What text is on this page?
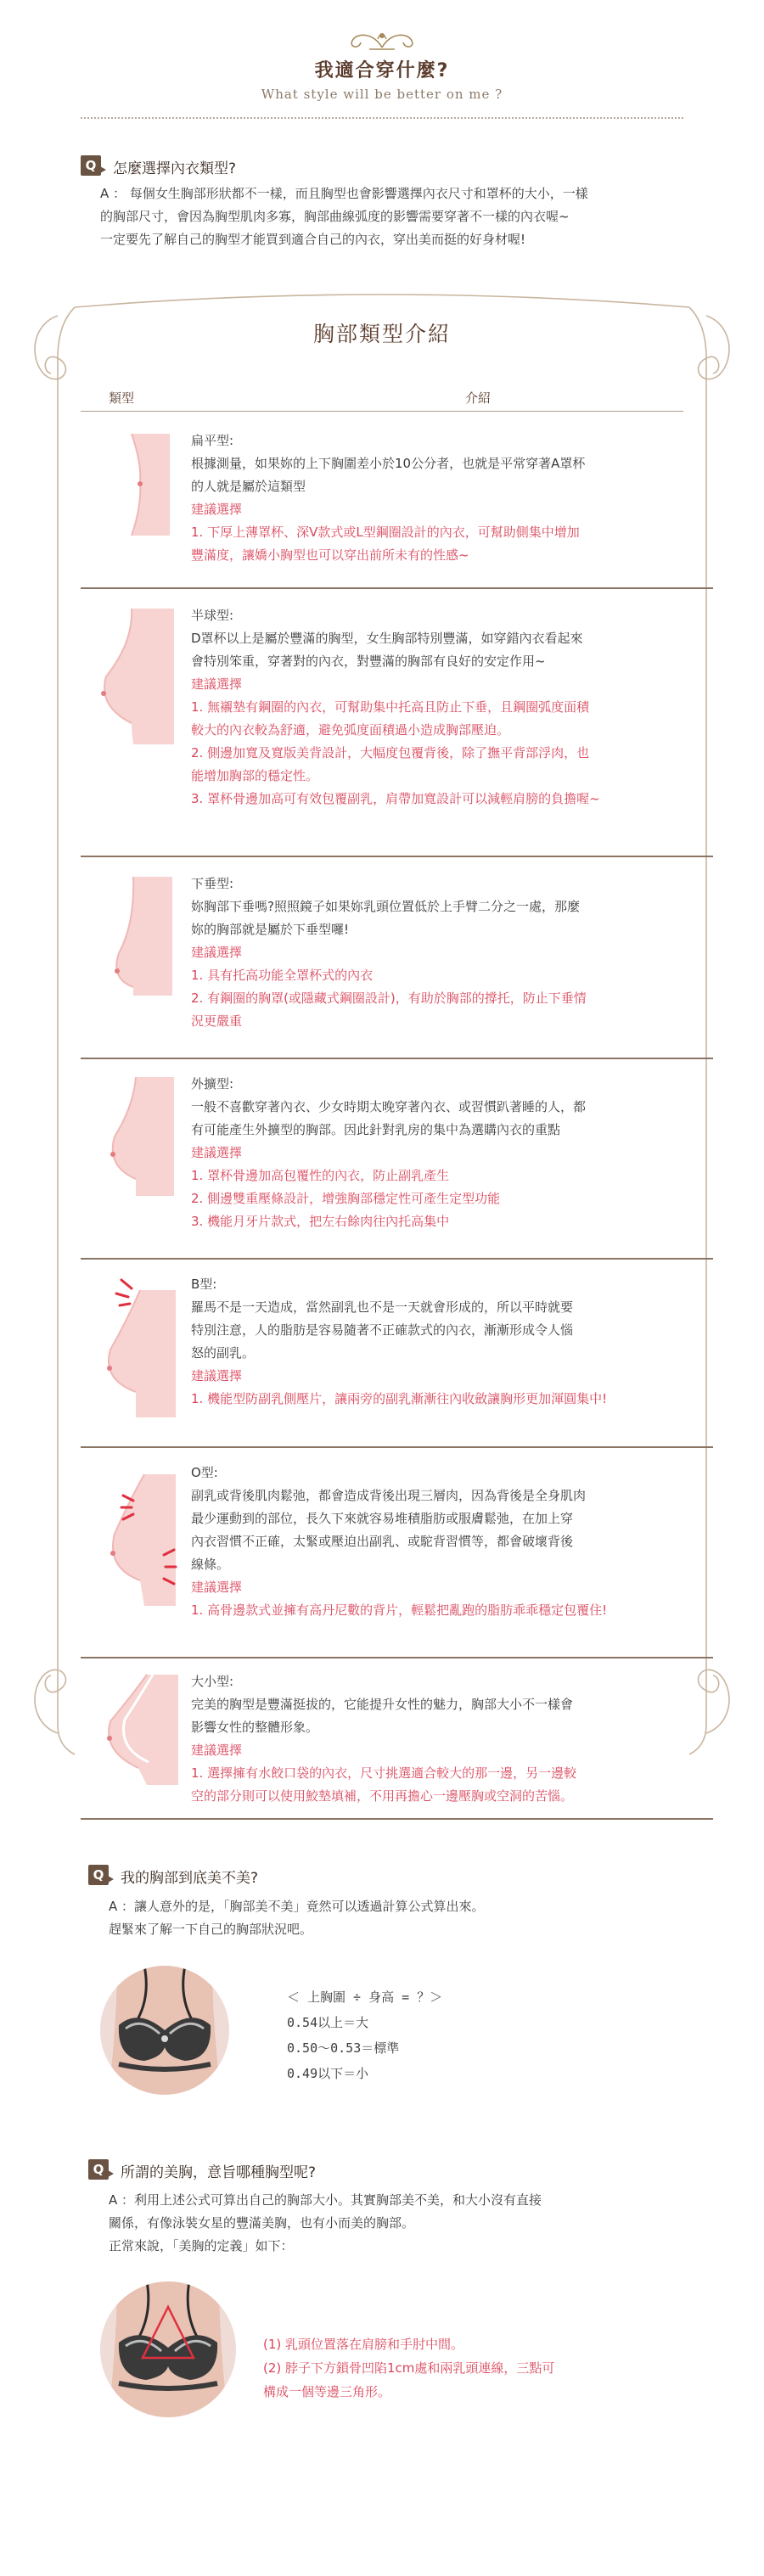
我適合穿什麼?
What style will be better on me ?
Q	怎麼選擇內衣類型?
A ： 每個女生胸部形狀都不一樣，而且胸型也會影響選擇內衣尺寸和罩杯的大小，一樣
的胸部尺寸，會因為胸型肌肉多寡，胸部曲線弧度的影響需要穿著不一樣的內衣喔~
一定要先了解自己的胸型才能買到適合自己的內衣，穿出美而挺的好身材喔!
胸部類型介紹
類型	介紹
扁平型:
根據測量，如果妳的上下胸圍差小於10公分者，也就是平常穿著A罩杯
的人就是屬於這類型
建議選擇
1. 下厚上薄罩杯、深V款式或L型鋼圈設計的內衣，可幫助側集中增加
豐滿度，讓嬌小胸型也可以穿出前所未有的性感~
半球型:
D罩杯以上是屬於豐滿的胸型，女生胸部特別豐滿，如穿錯內衣看起來
會特別笨重，穿著對的內衣，對豐滿的胸部有良好的安定作用~
建議選擇
1. 無襯墊有鋼圈的內衣，可幫助集中托高且防止下垂，且鋼圈弧度面積
較大的內衣較為舒適，避免弧度面積過小造成胸部壓迫。
2. 側邊加寬及寬版美背設計，大幅度包覆背後，除了撫平背部浮肉，也
能增加胸部的穩定性。
3. 罩杯骨邊加高可有效包覆副乳，肩帶加寬設計可以減輕肩膀的負擔喔~
下垂型:
妳胸部下垂嗎?照照鏡子如果妳乳頭位置低於上手臂二分之一處，那麼
妳的胸部就是屬於下垂型囉!
建議選擇
1. 具有托高功能全罩杯式的內衣
2. 有鋼圈的胸罩(或隱藏式鋼圈設計)，有助於胸部的撐托，防止下垂情
況更嚴重
外擴型:
一般不喜歡穿著內衣、少女時期太晚穿著內衣、或習慣趴著睡的人，都
有可能產生外擴型的胸部。因此針對乳房的集中為選購內衣的重點
建議選擇
1. 罩杯骨邊加高包覆性的內衣，防止副乳產生
2. 側邊雙重壓條設計，增強胸部穩定性可產生定型功能
3. 機能月牙片款式，把左右餘肉往內托高集中
B型:
羅馬不是一天造成，當然副乳也不是一天就會形成的，所以平時就要
特別注意，人的脂肪是容易隨著不正確款式的內衣，漸漸形成令人惱
怒的副乳。
建議選擇
1. 機能型防副乳側壓片，讓兩旁的副乳漸漸往內收斂讓胸形更加渾圓集中!
O型:
副乳或背後肌肉鬆弛，都會造成背後出現三層肉，因為背後是全身肌肉
最少運動到的部位，長久下來就容易堆積脂肪或服膚鬆弛，在加上穿
內衣習慣不正確，太緊或壓迫出副乳、或駝背習慣等，都會破壞背後
線條。
建議選擇
1. 高骨邊款式並擁有高丹尼數的背片，輕鬆把亂跑的脂肪乖乖穩定包覆住!
大小型:
完美的胸型是豐滿挺拔的，它能提升女性的魅力，胸部大小不一樣會
影響女性的整體形象。
建議選擇
1. 選擇擁有水餃口袋的內衣，尺寸挑選適合較大的那一邊，另一邊較
空的部分則可以使用鮫墊填補，不用再擔心一邊壓胸或空洞的苦惱。
Q	我的胸部到底美不美?
A ：讓人意外的是，「胸部美不美」竟然可以透過計算公式算出來。
趕緊來了解一下自己的胸部狀況吧。
＜ 上胸圍 ÷ 身高 = ？＞
0.54以上＝大
0.50～0.53＝標準
0.49以下＝小
Q	所謂的美胸，意旨哪種胸型呢?
A ：利用上述公式可算出自己的胸部大小。其實胸部美不美，和大小沒有直接
關係，有像泳裝女星的豐滿美胸，也有小而美的胸部。
正常來說，「美胸的定義」如下：
(1) 乳頭位置落在肩膀和手肘中間。
(2) 脖子下方鎖骨凹陷1cm處和兩乳頭連線，三點可
構成一個等邊三角形。
